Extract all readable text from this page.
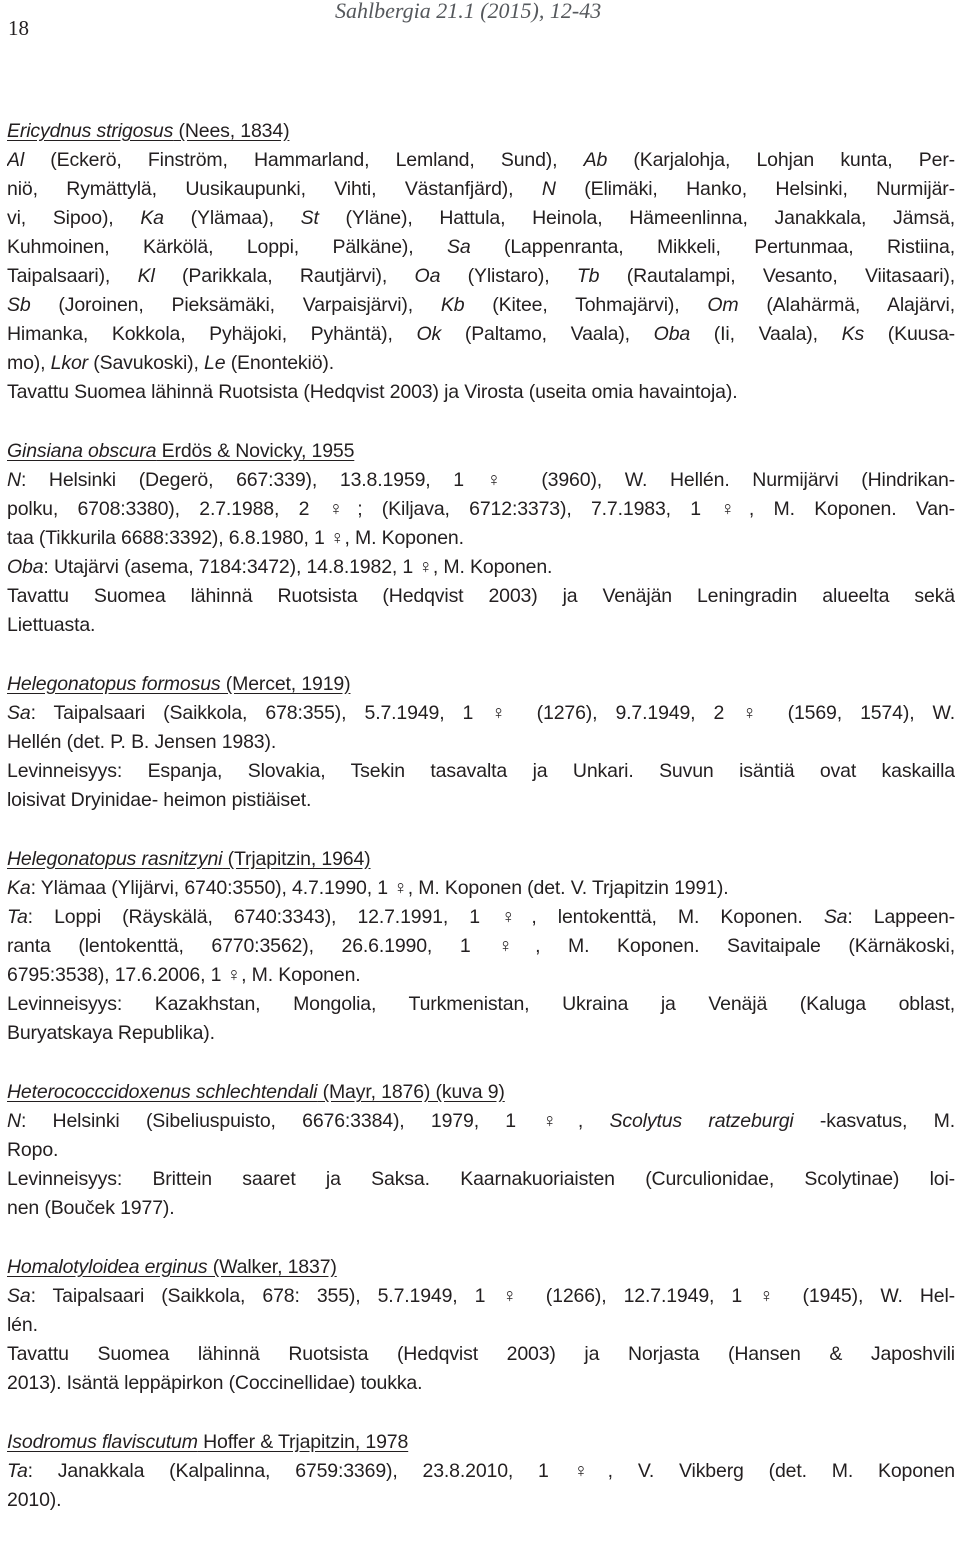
18
Sahlbergia 21.1 (2015), 12-43
Ericydnus strigosus (Nees, 1834)
Al (Eckerö, Finström, Hammarland, Lemland, Sund), Ab (Karjalohja, Lohjan kunta, Per-
niö, Rymättylä, Uusikaupunki, Vihti, Västanfjärd), N (Elimäki, Hanko, Helsinki, Nurmijär-
vi, Sipoo), Ka (Ylämaa), St (Yläne), Hattula, Heinola, Hämeenlinna, Janakkala, Jämsä,
Kuhmoinen, Kärkölä, Loppi, Pälkäne), Sa (Lappenranta, Mikkeli, Pertunmaa, Ristiina,
Taipalsaari), Kl (Parikkala, Rautjärvi), Oa (Ylistaro), Tb (Rautalampi, Vesanto, Viitasaari),
Sb (Joroinen, Pieksämäki, Varpaisjärvi), Kb (Kitee, Tohmajärvi), Om (Alahärmä, Alajärvi,
Himanka, Kokkola, Pyhäjoki, Pyhäntä), Ok (Paltamo, Vaala), Oba (Ii, Vaala), Ks (Kuusa-
mo), Lkor (Savukoski), Le (Enontekiö).
Tavattu Suomea lähinnä Ruotsista (Hedqvist 2003) ja Virosta (useita omia havaintoja).
Ginsiana obscura Erdös & Novicky, 1955
N: Helsinki (Degerö, 667:339), 13.8.1959, 1 ♀ (3960), W. Hellén. Nurmijärvi (Hindrikan-
polku, 6708:3380), 2.7.1988, 2 ♀; (Kiljava, 6712:3373), 7.7.1983, 1 ♀, M. Koponen. Van-
taa (Tikkurila 6688:3392), 6.8.1980, 1 ♀, M. Koponen.
Oba: Utajärvi (asema, 7184:3472), 14.8.1982, 1 ♀, M. Koponen.
Tavattu Suomea lähinnä Ruotsista (Hedqvist 2003) ja Venäjän Leningradin alueelta sekä
Liettuasta.
Helegonatopus formosus (Mercet, 1919)
Sa: Taipalsaari (Saikkola, 678:355), 5.7.1949, 1 ♀ (1276), 9.7.1949, 2 ♀ (1569, 1574), W.
Hellén (det. P. B. Jensen 1983).
Levinneisyys: Espanja, Slovakia, Tsekin tasavalta ja Unkari. Suvun isäntiä ovat kaskailla
loisivat Dryinidae- heimon pistiäiset.
Helegonatopus rasnitzyni (Trjapitzin, 1964)
Ka: Ylämaa (Ylijärvi, 6740:3550), 4.7.1990, 1 ♀, M. Koponen (det. V. Trjapitzin 1991).
Ta: Loppi (Räyskälä, 6740:3343), 12.7.1991, 1 ♀, lentokenttä, M. Koponen. Sa: Lappeen-
ranta (lentokenttä, 6770:3562), 26.6.1990, 1 ♀, M. Koponen. Savitaipale (Kärnäkoski,
6795:3538), 17.6.2006, 1 ♀, M. Koponen.
Levinneisyys: Kazakhstan, Mongolia, Turkmenistan, Ukraina ja Venäjä (Kaluga oblast,
Buryatskaya Republika).
Heterococccidoxenus schlechtendali (Mayr, 1876) (kuva 9)
N: Helsinki (Sibeliuspuisto, 6676:3384), 1979, 1 ♀, Scolytus ratzeburgi -kasvatus, M.
Ropo.
Levinneisyys: Brittein saaret ja Saksa. Kaarnakuoriaisten (Curculionidae, Scolytinae) loi-
nen (Bouček 1977).
Homalotyloidea erginus (Walker, 1837)
Sa: Taipalsaari (Saikkola, 678: 355), 5.7.1949, 1 ♀ (1266), 12.7.1949, 1 ♀ (1945), W. Hel-
lén.
Tavattu Suomea lähinnä Ruotsista (Hedqvist 2003) ja Norjasta (Hansen & Japoshvili
2013). Isäntä leppäpirkon (Coccinellidae) toukka.
Isodromus flaviscutum Hoffer & Trjapitzin, 1978
Ta: Janakkala (Kalpalinna, 6759:3369), 23.8.2010, 1 ♀, V. Vikberg (det. M. Koponen
2010).
